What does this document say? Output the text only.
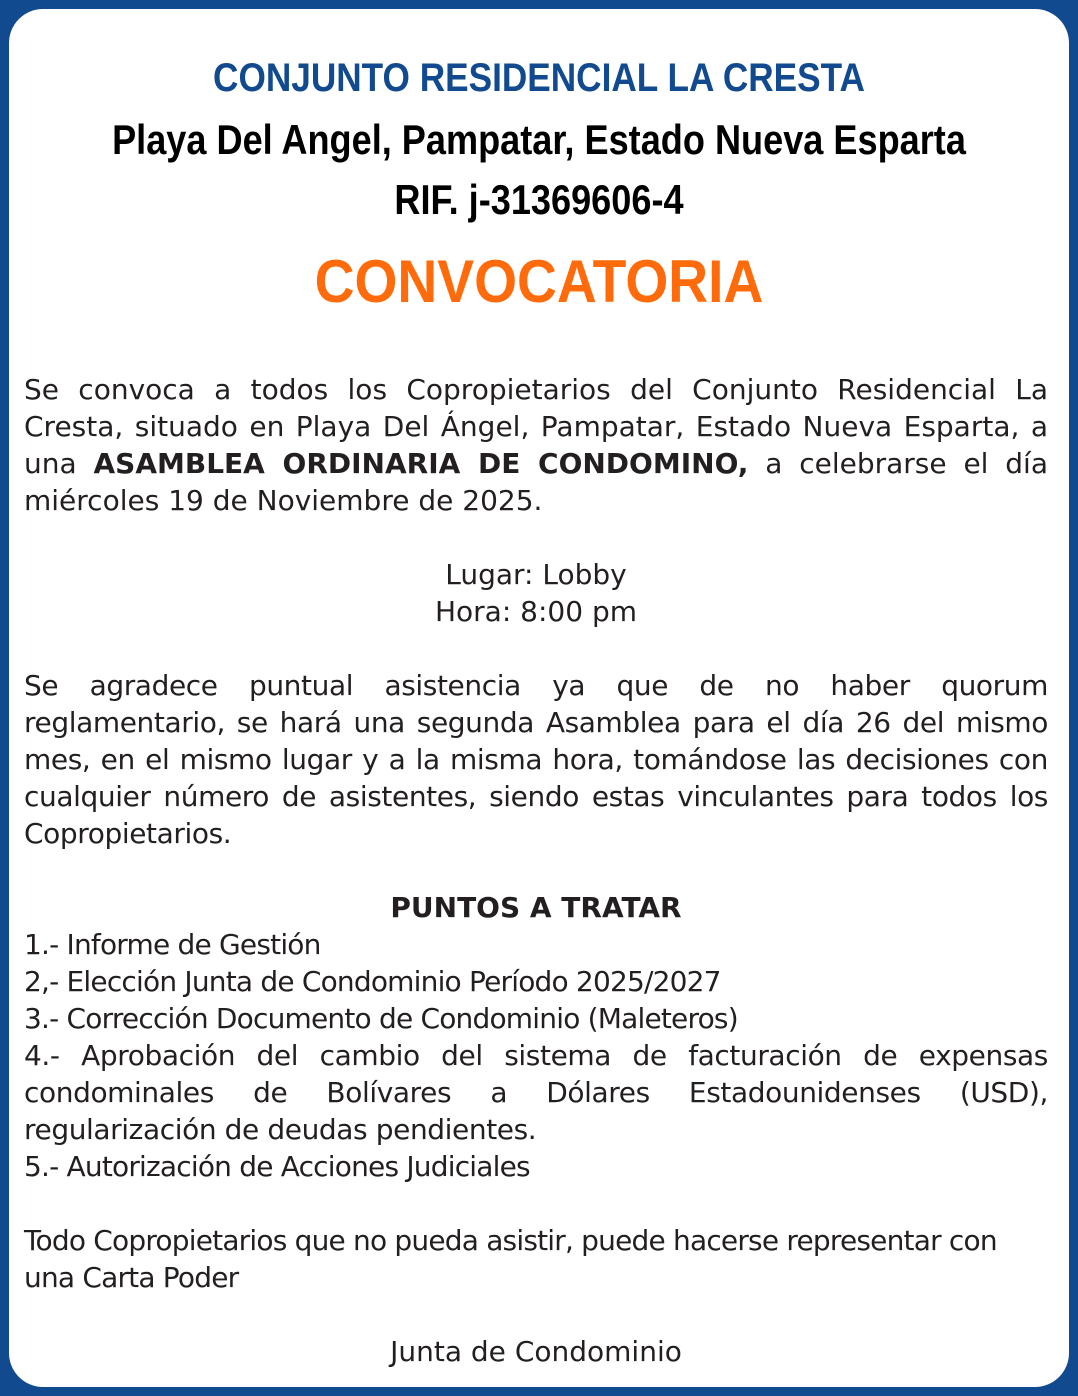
CONJUNTO RESIDENCIAL LA CRESTA
Playa Del Angel, Pampatar, Estado Nueva Esparta
RIF. j-31369606-4
CONVOCATORIA

Se convoca a todos los Copropietarios del Conjunto Residencial La Cresta, situado en Playa Del Ángel, Pampatar, Estado Nueva Esparta, a una ASAMBLEA ORDINARIA DE CONDOMINO, a celebrarse el día miércoles 19 de Noviembre de 2025.

Lugar: Lobby

Hora: 8:00 pm

Se agradece puntual asistencia ya que de no haber quorum reglamentario, se hará una segunda Asamblea para el día 26 del mismo mes, en el mismo lugar y a la misma hora, tomándose las decisiones con cualquier número de asistentes, siendo estas vinculantes para todos los Copropietarios.

PUNTOS A TRATAR

1.- Informe de Gestión

2,- Elección Junta de Condominio Período 2025/2027

3.- Corrección Documento de Condominio (Maleteros)

4.- Aprobación del cambio del sistema de facturación de expensas condominales de Bolívares a Dólares Estadounidenses (USD), regularización de deudas pendientes.

5.- Autorización de Acciones Judiciales

Todo Copropietarios que no pueda asistir, puede hacerse representar con una Carta Poder

Junta de Condominio
